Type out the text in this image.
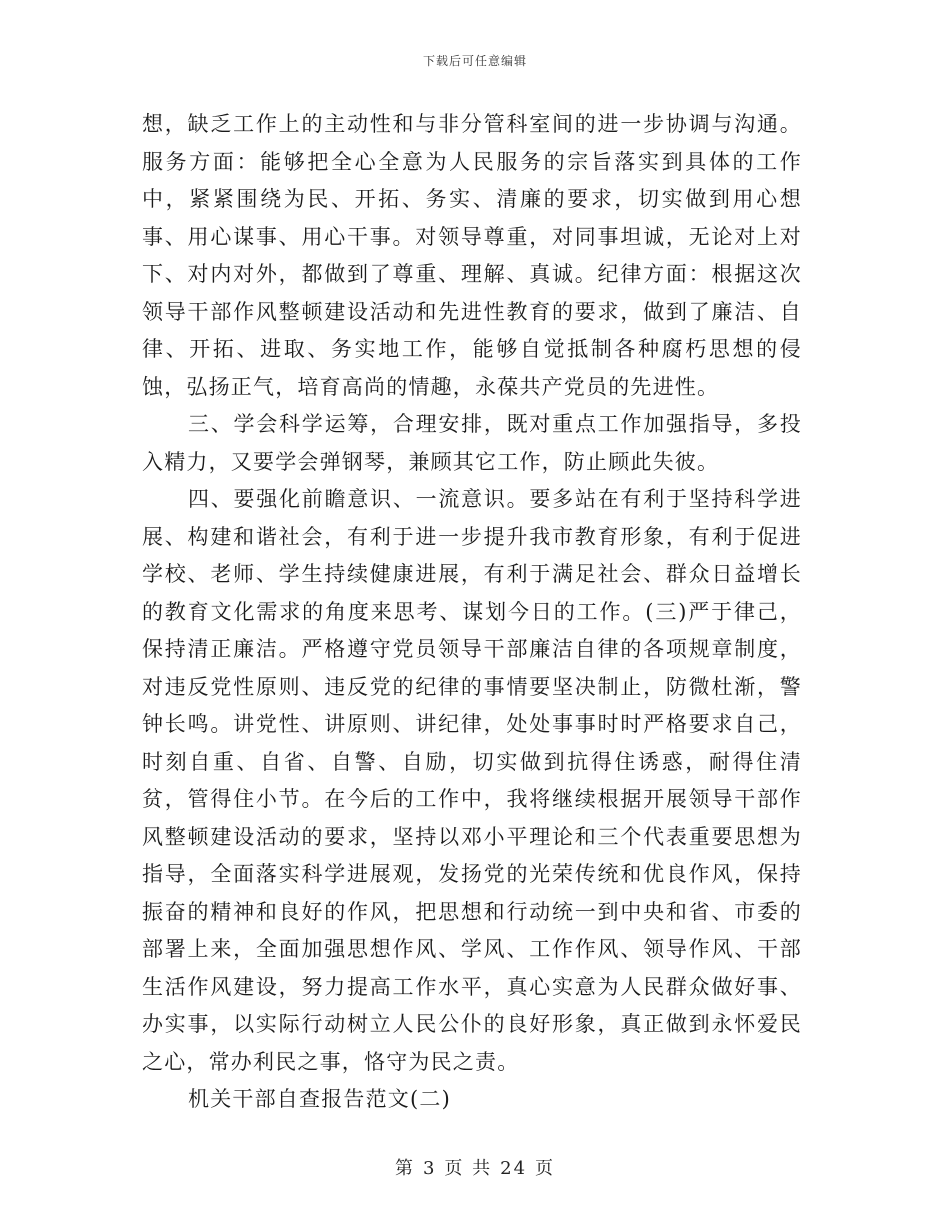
下载后可任意编辑

想，缺乏工作上的主动性和与非分管科室间的进一步协调与沟通。服务方面：能够把全心全意为人民服务的宗旨落实到具体的工作中，紧紧围绕为民、开拓、务实、清廉的要求，切实做到用心想事、用心谋事、用心干事。对领导尊重，对同事坦诚，无论对上对下、对内对外，都做到了尊重、理解、真诚。纪律方面：根据这次领导干部作风整顿建设活动和先进性教育的要求，做到了廉洁、自律、开拓、进取、务实地工作，能够自觉抵制各种腐朽思想的侵蚀，弘扬正气，培育高尚的情趣，永葆共产党员的先进性。

三、学会科学运筹，合理安排，既对重点工作加强指导，多投入精力，又要学会弹钢琴，兼顾其它工作，防止顾此失彼。

四、要强化前瞻意识、一流意识。要多站在有利于坚持科学进展、构建和谐社会，有利于进一步提升我市教育形象，有利于促进学校、老师、学生持续健康进展，有利于满足社会、群众日益增长的教育文化需求的角度来思考、谋划今日的工作。(三)严于律己，保持清正廉洁。严格遵守党员领导干部廉洁自律的各项规章制度，对违反党性原则、违反党的纪律的事情要坚决制止，防微杜渐，警钟长鸣。讲党性、讲原则、讲纪律，处处事事时时严格要求自己，时刻自重、自省、自警、自励，切实做到抗得住诱惑，耐得住清贫，管得住小节。在今后的工作中，我将继续根据开展领导干部作风整顿建设活动的要求，坚持以邓小平理论和三个代表重要思想为指导，全面落实科学进展观，发扬党的光荣传统和优良作风，保持振奋的精神和良好的作风，把思想和行动统一到中央和省、市委的部署上来，全面加强思想作风、学风、工作作风、领导作风、干部生活作风建设，努力提高工作水平，真心实意为人民群众做好事、办实事，以实际行动树立人民公仆的良好形象，真正做到永怀爱民之心，常办利民之事，恪守为民之责。

机关干部自查报告范文(二)

第 3 页 共 24 页
